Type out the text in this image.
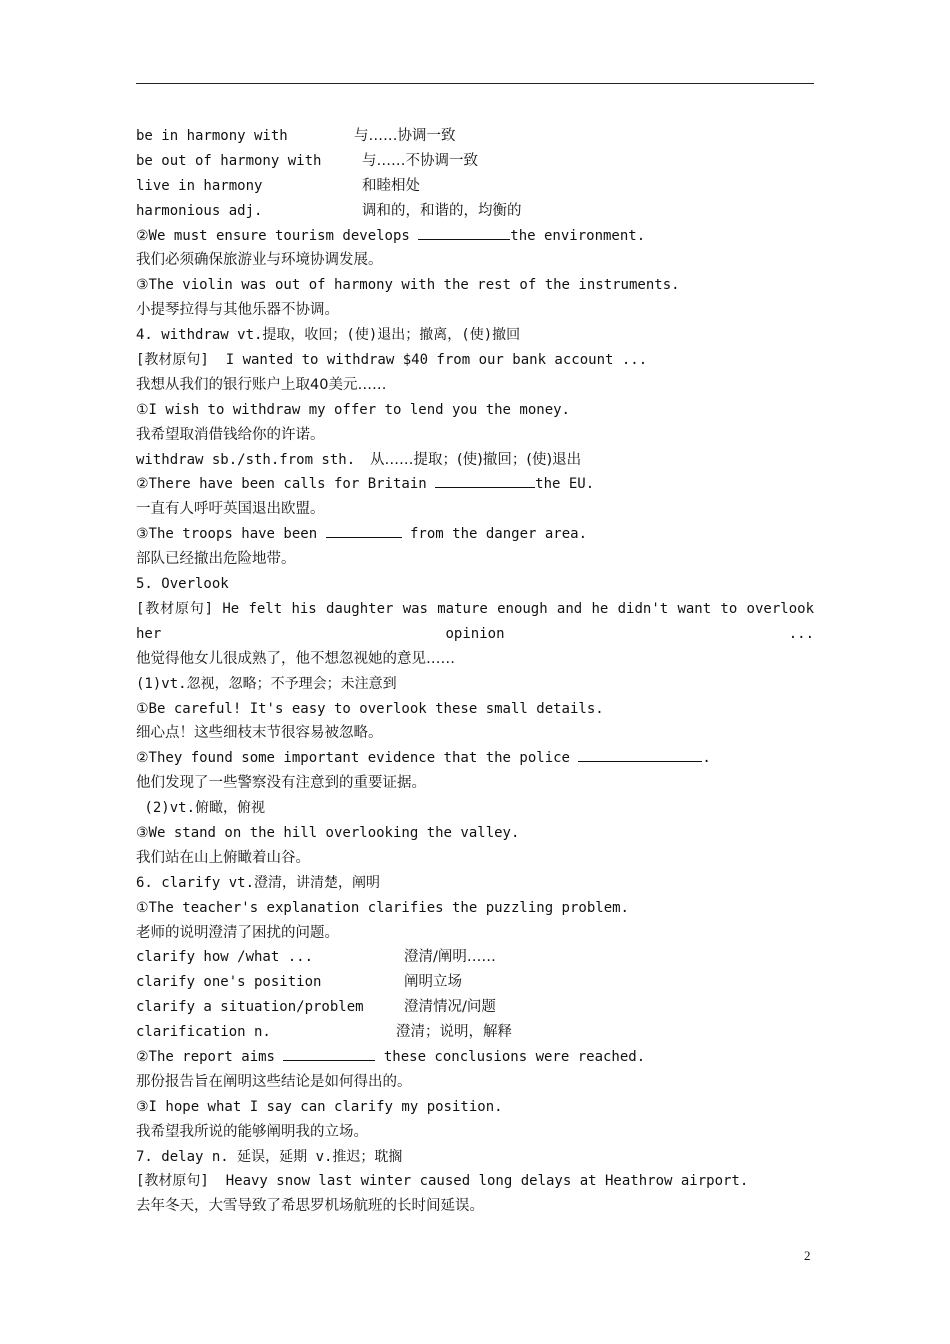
be in harmony with	与……协调一致
be out of harmony with	与……不协调一致
live in harmony	和睦相处
harmonious adj.	调和的，和谐的，均衡的
②We must ensure tourism develops	the environment.
我们必须确保旅游业与环境协调发展。
③The violin was out of harmony with the rest of the instruments.
小提琴拉得与其他乐器不协调。
4. withdraw vt.提取，收回；(使)退出；撤离，(使)撤回
[教材原句]  I wanted to withdraw $40 from our bank account ...
我想从我们的银行账户上取40美元……
①I wish to withdraw my offer to lend you the money.
我希望取消借钱给你的许诺。
withdraw sb./sth.from sth.	从……提取；(使)撤回；(使)退出
②There have been calls for Britain	the EU.
一直有人呼吁英国退出欧盟。
③The troops have been	from the danger area.
部队已经撤出危险地带。
5. Overlook
[教材原句] He felt his daughter was mature enough and he didn't want to overlook her opinion ...
他觉得他女儿很成熟了，他不想忽视她的意见……
(1)vt.忽视，忽略；不予理会；未注意到
①Be careful! It's easy to overlook these small details.
细心点！这些细枝末节很容易被忽略。
②They found some important evidence that the police	.
他们发现了一些警察没有注意到的重要证据。
(2)vt.俯瞰，俯视
③We stand on the hill overlooking the valley.
我们站在山上俯瞰着山谷。
6. clarify vt.澄清，讲清楚，阐明
①The teacher's explanation clarifies the puzzling problem.
老师的说明澄清了困扰的问题。
clarify how /what ...	澄清/阐明……
clarify one's position	阐明立场
clarify a situation/problem	澄清情况/问题
clarification n.	澄清；说明，解释
②The report aims	these conclusions were reached.
那份报告旨在阐明这些结论是如何得出的。
③I hope what I say can clarify my position.
我希望我所说的能够阐明我的立场。
7. delay n. 延误，延期 v.推迟；耽搁
[教材原句]  Heavy snow last winter caused long delays at Heathrow airport.
去年冬天，大雪导致了希思罗机场航班的长时间延误。
2
